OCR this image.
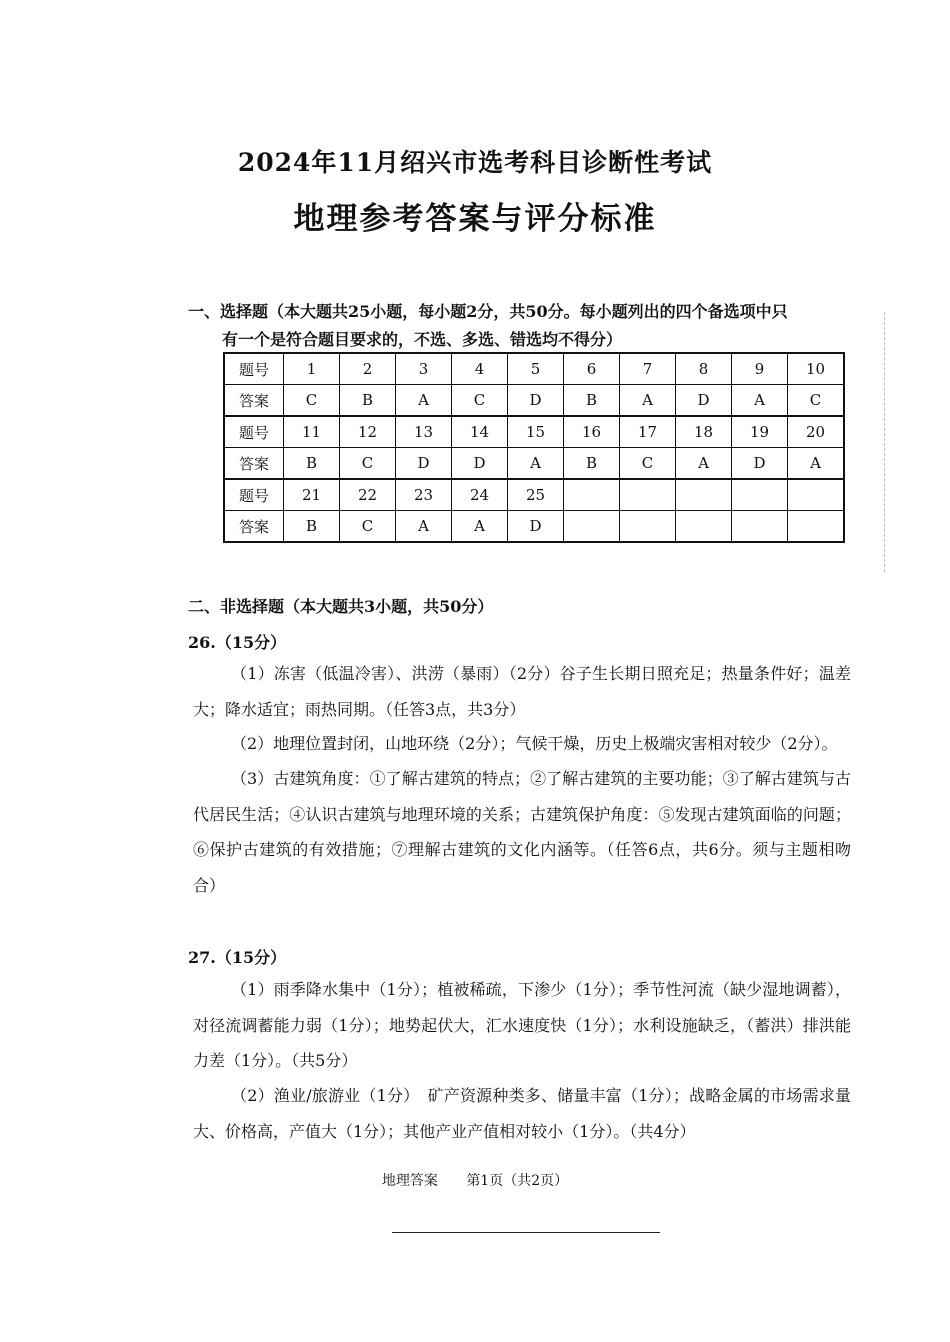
2024年11月绍兴市选考科目诊断性考试
地理参考答案与评分标准
一、选择题（本大题共25小题，每小题2分，共50分。每小题列出的四个备选项中只
有一个是符合题目要求的，不选、多选、错选均不得分）
题号	1	2	3	4	5	6	7	8	9	10
答案	C	B	A	C	D	B	A	D	A	C
题号	11	12	13	14	15	16	17	18	19	20
答案	B	C	D	D	A	B	C	A	D	A
题号	21	22	23	24	25					
答案	B	C	A	A	D					
二、非选择题（本大题共3小题，共50分）
26.（15分）
（1）冻害（低温冷害）、洪涝（暴雨）（2分）谷子生长期日照充足；热量条件好；温差大；降水适宜；雨热同期。（任答3点，共3分）
（2）地理位置封闭，山地环绕（2分）；气候干燥，历史上极端灾害相对较少（2分）。
（3）古建筑角度：①了解古建筑的特点；②了解古建筑的主要功能；③了解古建筑与古代居民生活；④认识古建筑与地理环境的关系；古建筑保护角度：⑤发现古建筑面临的问题；⑥保护古建筑的有效措施；⑦理解古建筑的文化内涵等。（任答6点，共6分。须与主题相吻合）
27.（15分）
（1）雨季降水集中（1分）；植被稀疏，下渗少（1分）；季节性河流（缺少湿地调蓄），对径流调蓄能力弱（1分）；地势起伏大，汇水速度快（1分）；水利设施缺乏，（蓄洪）排洪能力差（1分）。（共5分）
（2）渔业/旅游业（1分）　矿产资源种类多、储量丰富（1分）；战略金属的市场需求量大、价格高，产值大（1分）；其他产业产值相对较小（1分）。（共4分）
地理答案 第1页（共2页）
